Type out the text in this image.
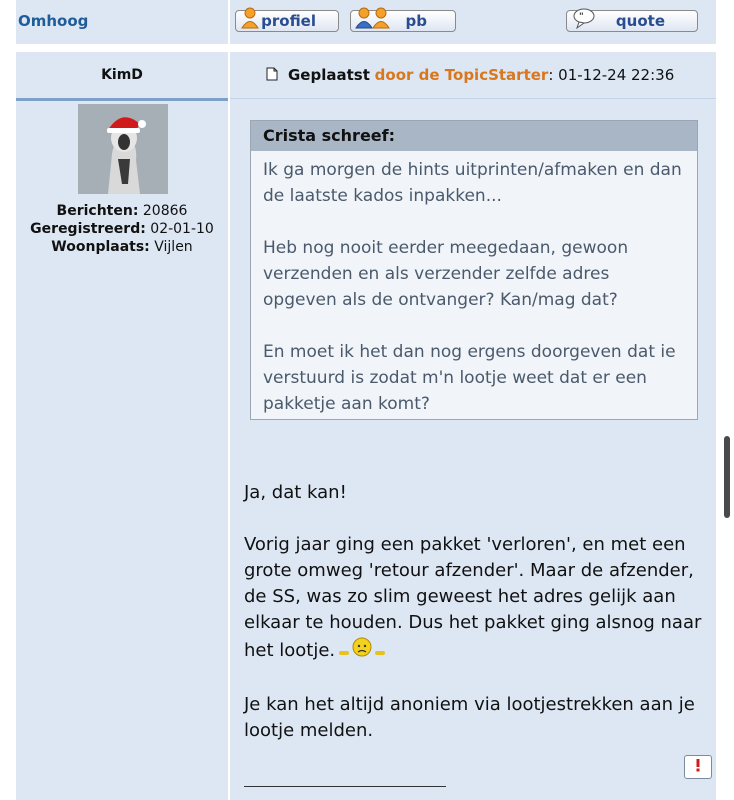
Omhoog	profiel	pb	"	quote
KimD
Berichten: 20866
Geregistreerd: 02-01-10
Woonplaats: Vijlen
Geplaatst door de TopicStarter: 01-12-24 22:36
Crista schreef:

Ik ga morgen de hints uitprinten/afmaken en dan de laatste kados inpakken...

Heb nog nooit eerder meegedaan, gewoon verzenden en als verzender zelfde adres opgeven als de ontvanger? Kan/mag dat?

En moet ik het dan nog ergens doorgeven dat ie verstuurd is zodat m'n lootje weet dat er een pakketje aan komt?

Ja, dat kan!

Vorig jaar ging een pakket 'verloren', en met een grote omweg 'retour afzender'. Maar de afzender, de SS, was zo slim geweest het adres gelijk aan elkaar te houden. Dus het pakket ging alsnog naar het lootje.

Je kan het altijd anoniem via lootjestrekken aan je lootje melden.
